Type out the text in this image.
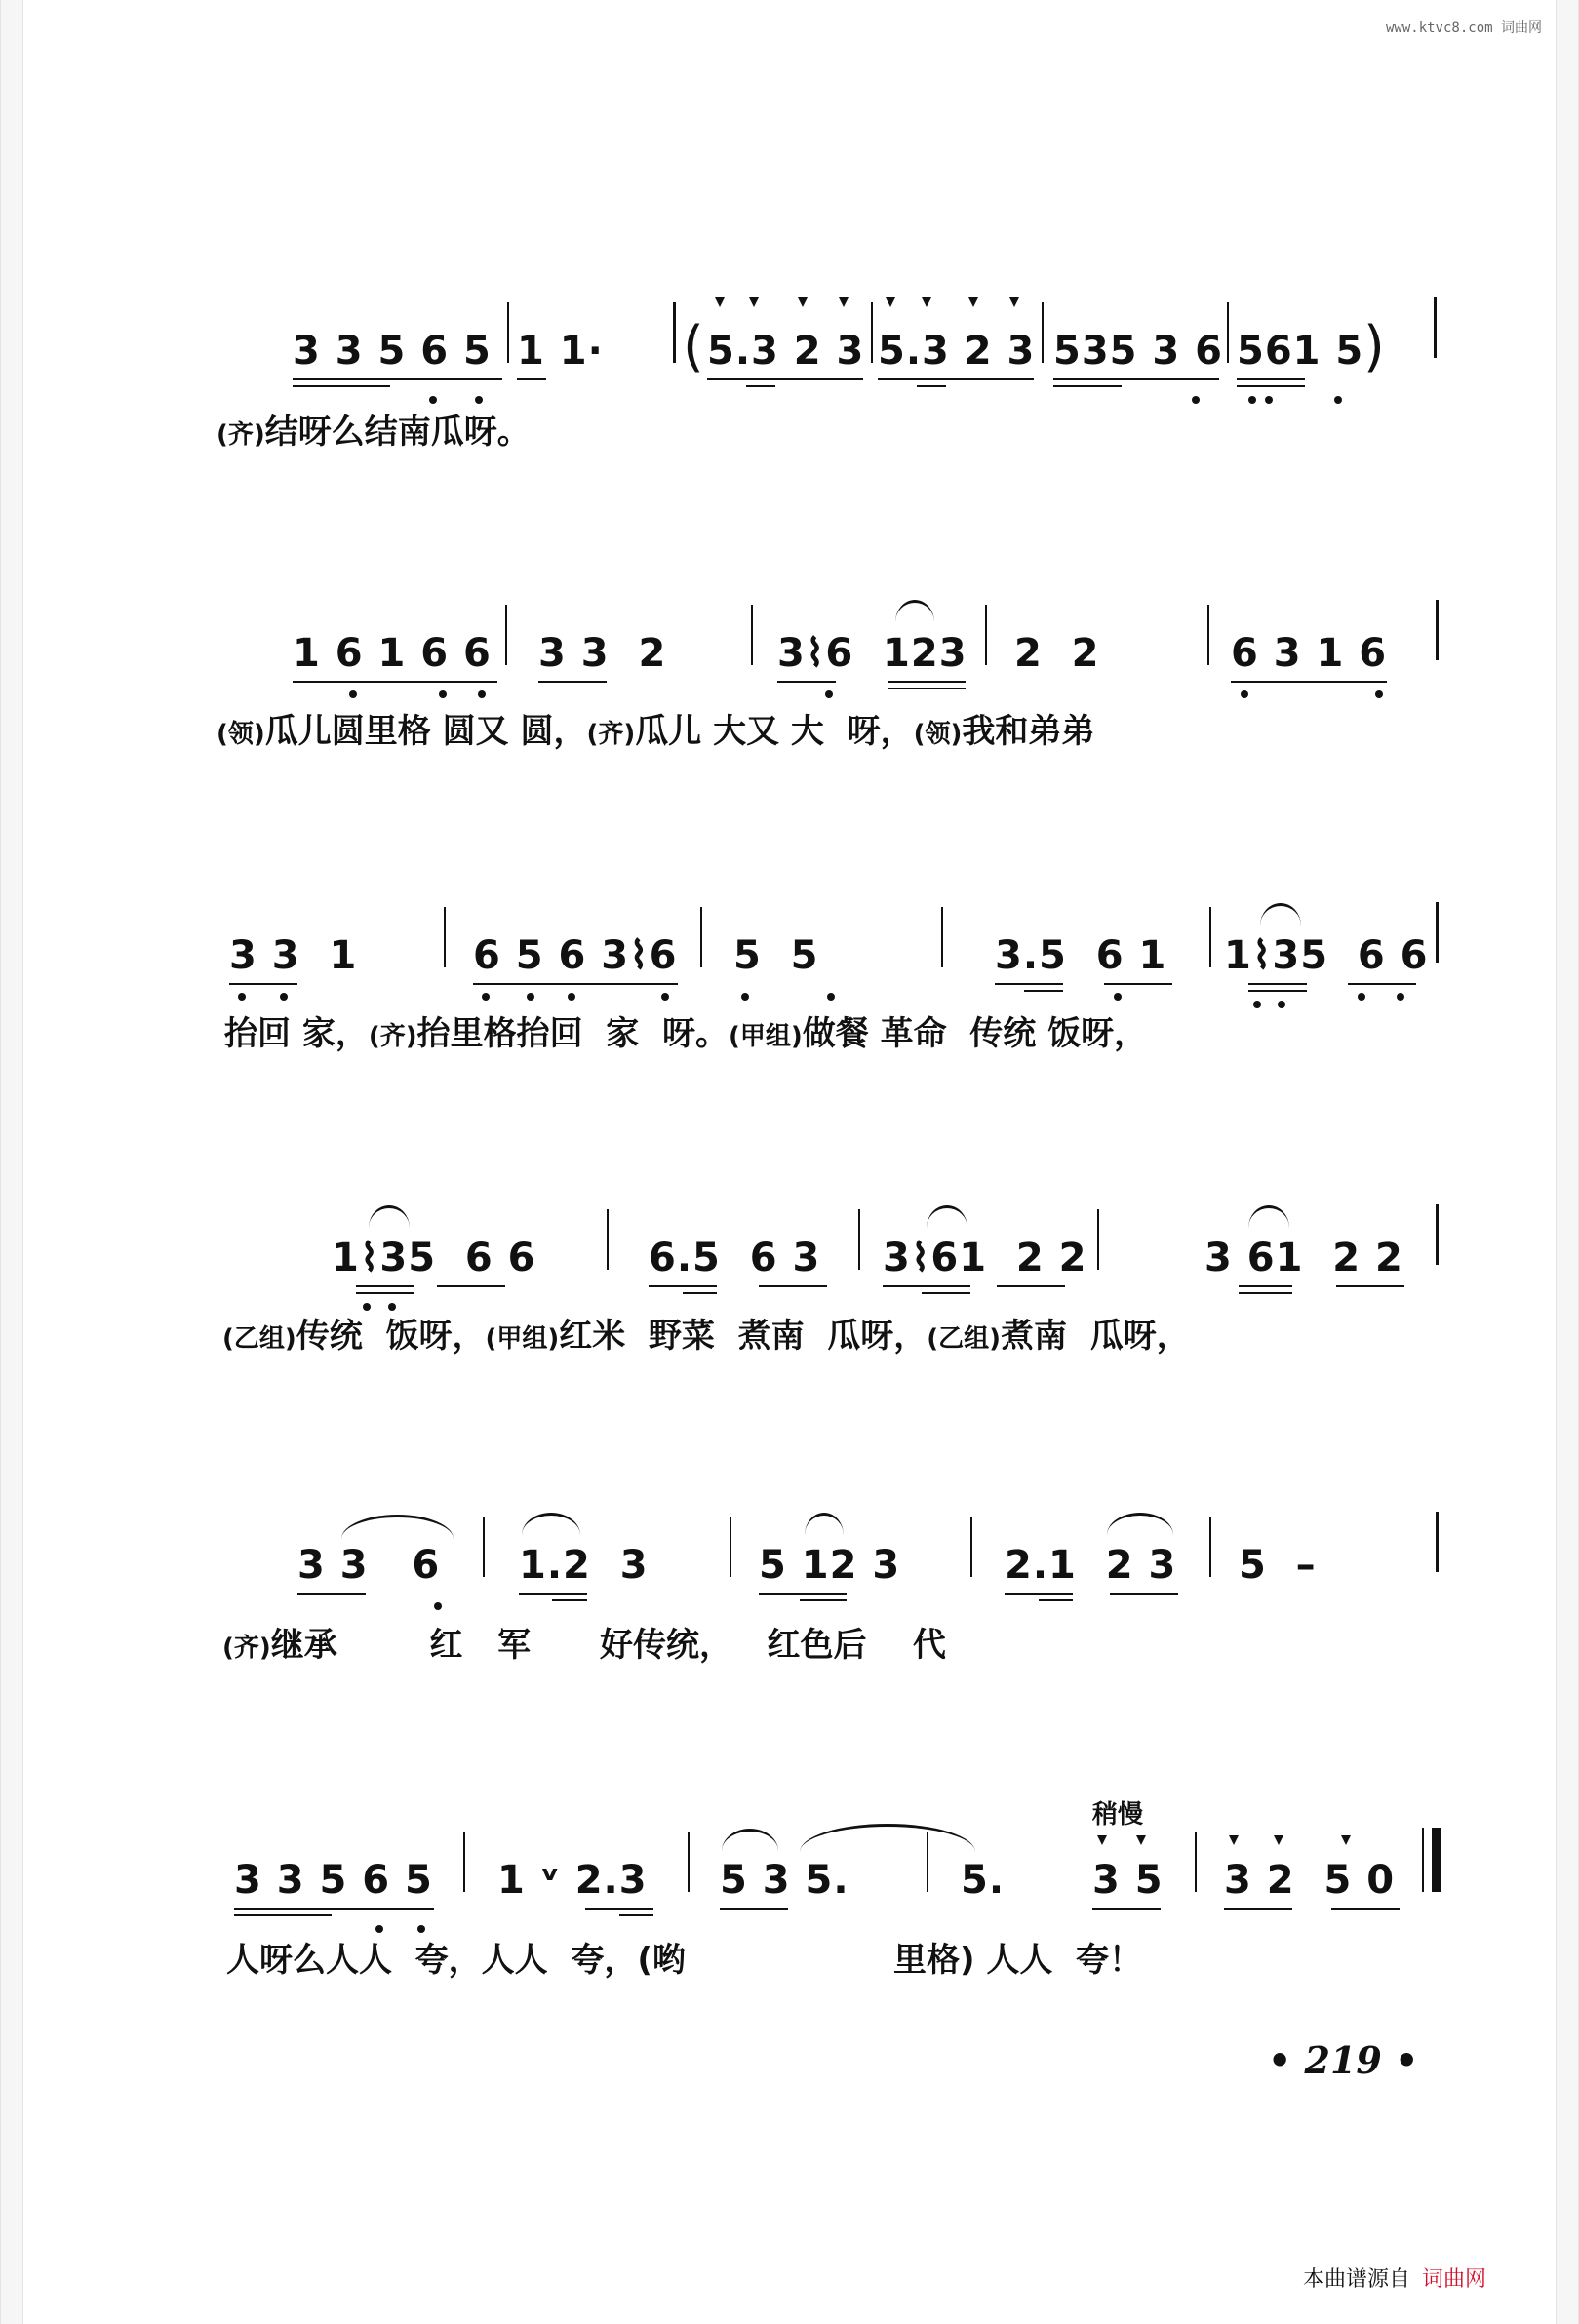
www.ktvc8.com 词曲网
3 3 5 6 5 1 1· ( 5.3 2 3 5.3 2 3 535 3 6 561 5 )
(齐)结呀么结南瓜呀。
1 6 1 6 6 3 3  2	3⌇6  123 2  2	6 3 1 6
(领)瓜儿圆里格 圆又 圆，(齐)瓜儿 大又 大  呀，(领)我和弟弟
3 3  1	6 5 6 3⌇6 5  5	3.5  6 1 1⌇35  6 6
抬回 家，(齐)抬里格抬回  家  呀。(甲组)做餐 革命  传统 饭呀，
1⌇35  6 6	6.5  6 3 3⌇61  2 2	3 61  2 2
(乙组)传统  饭呀，(甲组)红米  野菜  煮南  瓜呀，(乙组)煮南  瓜呀，
3 3   6 1.2  3	5 12 3	2.1  2 3 5  –
(齐)继承        红   军      好传统，   红色后    代
稍慢
3 3 5 6 5 1 ᵛ 2.3 5 3 5.	5. 3 5 3 2  5 0
人呀么人人  夸，人人  夸，(哟                  里格) 人人  夸！
• 219 •
本曲谱源自 词曲网
